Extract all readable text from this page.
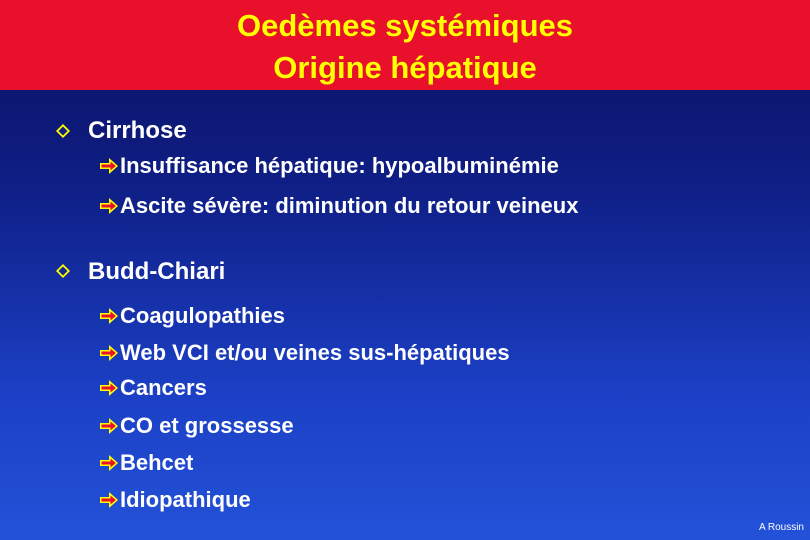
Oedèmes systémiques
Origine hépatique
Cirrhose
Insuffisance hépatique: hypoalbuminémie
Ascite sévère: diminution du retour veineux
Budd-Chiari
Coagulopathies
Web VCI et/ou veines sus-hépatiques
Cancers
CO et grossesse
Behcet
Idiopathique
A Roussin
